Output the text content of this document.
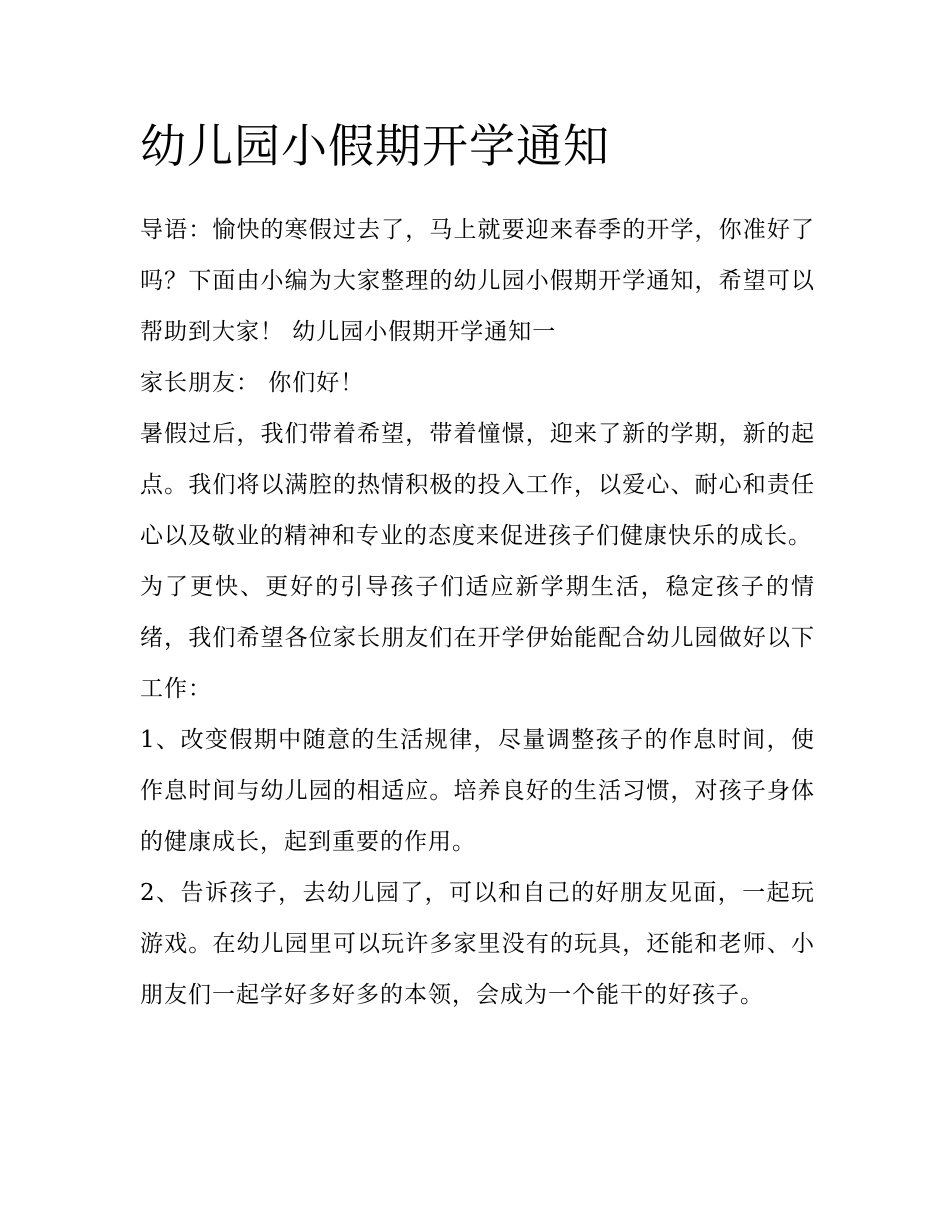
幼儿园小假期开学通知

导语：愉快的寒假过去了，马上就要迎来春季的开学，你准好了吗？下面由小编为大家整理的幼儿园小假期开学通知，希望可以帮助到大家！ 幼儿园小假期开学通知一

家长朋友： 你们好！

暑假过后，我们带着希望，带着憧憬，迎来了新的学期，新的起点。我们将以满腔的热情积极的投入工作，以爱心、耐心和责任心以及敬业的精神和专业的态度来促进孩子们健康快乐的成长。

为了更快、更好的引导孩子们适应新学期生活，稳定孩子的情绪，我们希望各位家长朋友们在开学伊始能配合幼儿园做好以下工作：

1、改变假期中随意的生活规律，尽量调整孩子的作息时间，使作息时间与幼儿园的相适应。培养良好的生活习惯，对孩子身体的健康成长，起到重要的作用。

2、告诉孩子，去幼儿园了，可以和自己的好朋友见面，一起玩游戏。在幼儿园里可以玩许多家里没有的玩具，还能和老师、小朋友们一起学好多好多的本领，会成为一个能干的好孩子。
